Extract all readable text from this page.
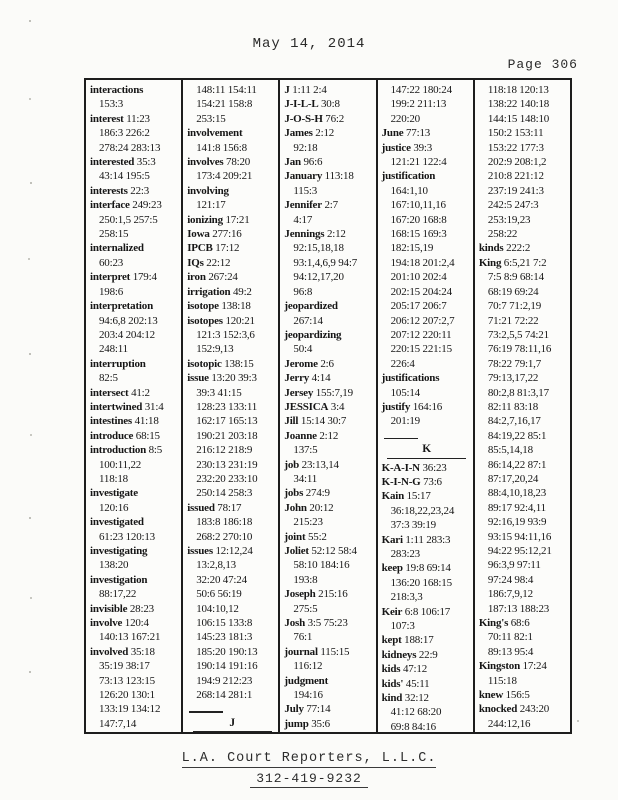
May 14, 2014
Page 306
interactions
153:3
interest 11:23
186:3 226:2
278:24 283:13
interested 35:3
43:14 195:5
interests 22:3
interface 249:23
250:1,5 257:5
258:15
internalized
60:23
interpret 179:4
198:6
interpretation
94:6,8 202:13
203:4 204:12
248:11
interruption
82:5
intersect 41:2
intertwined 31:4
intestines 41:18
introduce 68:15
introduction 8:5
100:11,22
118:18
investigate
120:16
investigated
61:23 120:13
investigating
138:20
investigation
88:17,22
invisible 28:23
involve 120:4
140:13 167:21
involved 35:18
35:19 38:17
73:13 123:15
126:20 130:1
133:19 134:12
147:7,14
148:11 154:11
154:21 158:8
253:15
involvement
141:8 156:8
involves 78:20
173:4 209:21
involving
121:17
ionizing 17:21
Iowa 277:16
IPCB 17:12
IQs 22:12
iron 267:24
irrigation 49:2
isotope 138:18
isotopes 120:21
121:3 152:3,6
152:9,13
isotopic 138:15
issue 13:20 39:3
39:3 41:15
128:23 133:11
162:17 165:13
190:21 203:18
216:12 218:9
230:13 231:19
232:20 233:10
250:14 258:3
issued 78:17
183:8 186:18
268:2 270:10
issues 12:12,24
13:2,8,13
32:20 47:24
50:6 56:19
104:10,12
106:15 133:8
145:23 181:3
185:20 190:13
190:14 191:16
194:9 212:23
268:14 281:1
J
J 1:11 2:4
J-I-L-L 30:8
J-O-S-H 76:2
James 2:12
92:18
Jan 96:6
January 113:18
115:3
Jennifer 2:7
4:17
Jennings 2:12
92:15,18,18
93:1,4,6,9 94:7
94:12,17,20
96:8
jeopardized
267:14
jeopardizing
50:4
Jerome 2:6
Jerry 4:14
Jersey 155:7,19
JESSICA 3:4
Jill 15:14 30:7
Joanne 2:12
137:5
job 23:13,14
34:11
jobs 274:9
John 20:12
215:23
joint 55:2
Joliet 52:12 58:4
58:10 184:16
193:8
Joseph 215:16
275:5
Josh 3:5 75:23
76:1
journal 115:15
116:12
judgment
194:16
July 77:14
jump 35:6
147:22 180:24
199:2 211:13
220:20
June 77:13
justice 39:3
121:21 122:4
justification
164:1,10
167:10,11,16
167:20 168:8
168:15 169:3
182:15,19
194:18 201:2,4
201:10 202:4
202:15 204:24
205:17 206:7
206:12 207:2,7
207:12 220:11
220:15 221:15
226:4
justifications
105:14
justify 164:16
201:19
K
K-A-I-N 36:23
K-I-N-G 73:6
Kain 15:17
36:18,22,23,24
37:3 39:19
Kari 1:11 283:3
283:23
keep 19:8 69:14
136:20 168:15
218:3,3
Keir 6:8 106:17
107:3
kept 188:17
kidneys 22:9
kids 47:12
kids' 45:11
kind 32:12
41:12 68:20
69:8 84:16
118:18 120:13
138:22 140:18
144:15 148:10
150:2 153:11
153:22 177:3
202:9 208:1,2
210:8 221:12
237:19 241:3
242:5 247:3
253:19,23
258:22
kinds 222:2
King 6:5,21 7:2
7:5 8:9 68:14
68:19 69:24
70:7 71:2,19
71:21 72:22
73:2,5,5 74:21
76:19 78:11,16
78:22 79:1,7
79:13,17,22
80:2,8 81:3,17
82:11 83:18
84:2,7,16,17
84:19,22 85:1
85:5,14,18
86:14,22 87:1
87:17,20,24
88:4,10,18,23
89:17 92:4,11
92:16,19 93:9
93:15 94:11,16
94:22 95:12,21
96:3,9 97:11
97:24 98:4
186:7,9,12
187:13 188:23
King's 68:6
70:11 82:1
89:13 95:4
Kingston 17:24
115:18
knew 156:5
knocked 243:20
244:12,16
L.A. Court Reporters, L.L.C.
312-419-9232
